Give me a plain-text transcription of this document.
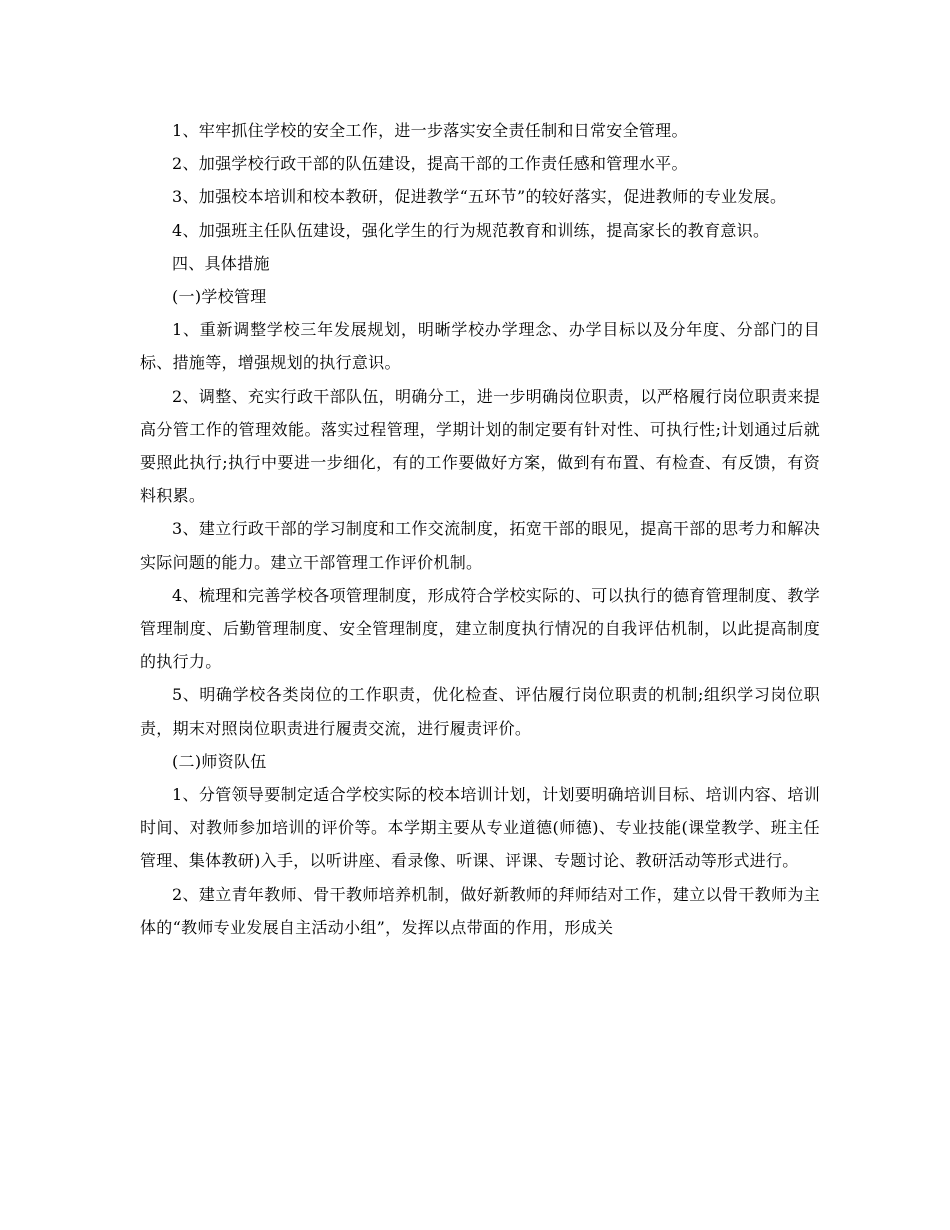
1、牢牢抓住学校的安全工作，进一步落实安全责任制和日常安全管理。

2、加强学校行政干部的队伍建设，提高干部的工作责任感和管理水平。

3、加强校本培训和校本教研，促进教学“五环节”的较好落实，促进教师的专业发展。

4、加强班主任队伍建设，强化学生的行为规范教育和训练，提高家长的教育意识。

四、具体措施

(一)学校管理

1、重新调整学校三年发展规划，明晰学校办学理念、办学目标以及分年度、分部门的目标、措施等，增强规划的执行意识。

2、调整、充实行政干部队伍，明确分工，进一步明确岗位职责，以严格履行岗位职责来提高分管工作的管理效能。落实过程管理，学期计划的制定要有针对性、可执行性;计划通过后就要照此执行;执行中要进一步细化，有的工作要做好方案，做到有布置、有检查、有反馈，有资料积累。

3、建立行政干部的学习制度和工作交流制度，拓宽干部的眼见，提高干部的思考力和解决实际问题的能力。建立干部管理工作评价机制。

4、梳理和完善学校各项管理制度，形成符合学校实际的、可以执行的德育管理制度、教学管理制度、后勤管理制度、安全管理制度，建立制度执行情况的自我评估机制，以此提高制度的执行力。

5、明确学校各类岗位的工作职责，优化检查、评估履行岗位职责的机制;组织学习岗位职责，期末对照岗位职责进行履责交流，进行履责评价。

(二)师资队伍

1、分管领导要制定适合学校实际的校本培训计划，计划要明确培训目标、培训内容、培训时间、对教师参加培训的评价等。本学期主要从专业道德(师德)、专业技能(课堂教学、班主任管理、集体教研)入手，以听讲座、看录像、听课、评课、专题讨论、教研活动等形式进行。

2、建立青年教师、骨干教师培养机制，做好新教师的拜师结对工作，建立以骨干教师为主体的“教师专业发展自主活动小组”，发挥以点带面的作用，形成关
